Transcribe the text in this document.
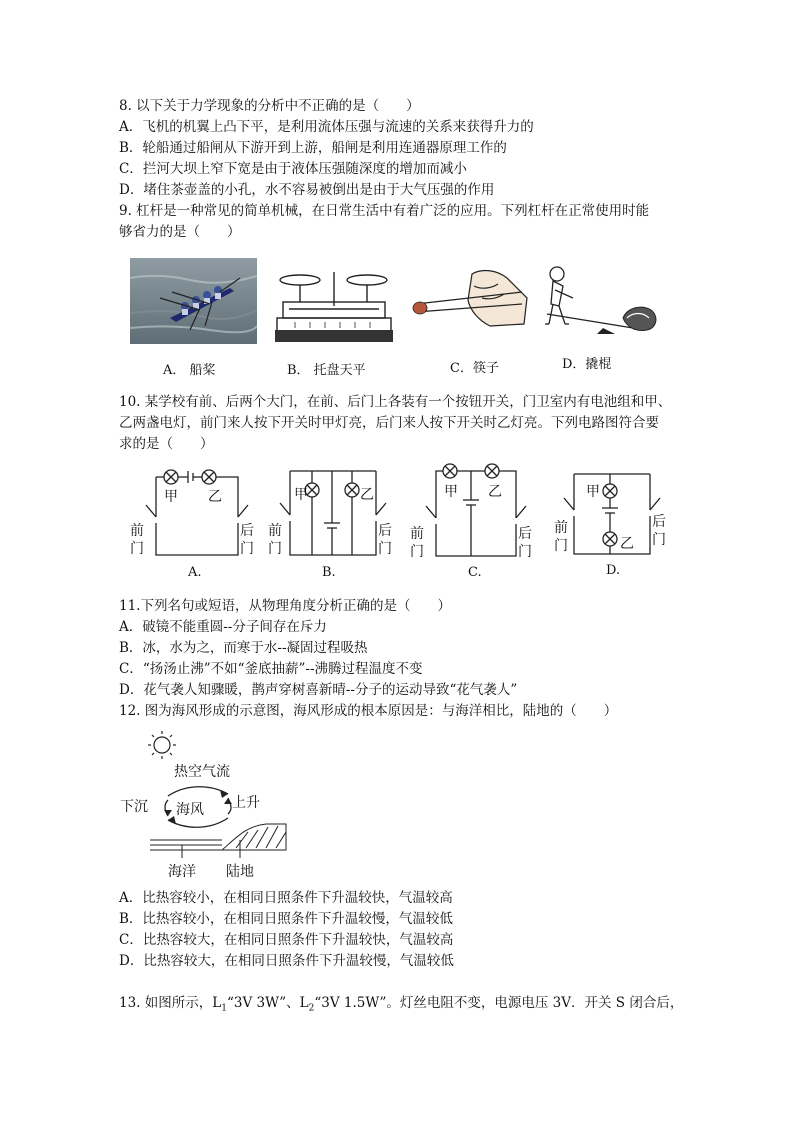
8. 以下关于力学现象的分析中不正确的是（　　）
A．飞机的机翼上凸下平，是利用流体压强与流速的关系来获得升力的
B．轮船通过船闸从下游开到上游，船闸是利用连通器原理工作的
C．拦河大坝上窄下宽是由于液体压强随深度的增加而减小
D．堵住茶壶盖的小孔，水不容易被倒出是由于大气压强的作用
9. 杠杆是一种常见的简单机械，在日常生活中有着广泛的应用。下列杠杆在正常使用时能
够省力的是（　　）
A． 船桨	B． 托盘天平	C．筷子	D．撬棍
10. 某学校有前、后两个大门，在前、后门上各装有一个按钮开关，门卫室内有电池组和甲、
乙两盏电灯，前门来人按下开关时甲灯亮，后门来人按下开关时乙灯亮。下列电路图符合要
求的是（　　）
甲 乙
前
门
后
门
A.
甲	乙
前
门
后
门
B.
甲 乙
前
门
后
门
C.
甲
乙
前
门
后
门
D.
11.下列名句或短语，从物理角度分析正确的是（　　）
A．破镜不能重圆--分子间存在斥力
B．冰，水为之，而寒于水--凝固过程吸热
C．“扬汤止沸”不如“釜底抽薪”--沸腾过程温度不变
D．花气袭人知骤暖，鹊声穿树喜新晴--分子的运动导致“花气袭人”
12. 图为海风形成的示意图，海风形成的根本原因是：与海洋相比，陆地的（　　）
热空气流
下沉	上升
海风
海洋 陆地
A．比热容较小，在相同日照条件下升温较快，气温较高
B．比热容较小，在相同日照条件下升温较慢，气温较低
C．比热容较大，在相同日照条件下升温较快，气温较高
D．比热容较大，在相同日照条件下升温较慢，气温较低
13. 如图所示，$L_1“3V$ 3W”、$L_2“3V$ 1.5W”。灯丝电阻不变，电源电压 3V．开关 S 闭合后，
